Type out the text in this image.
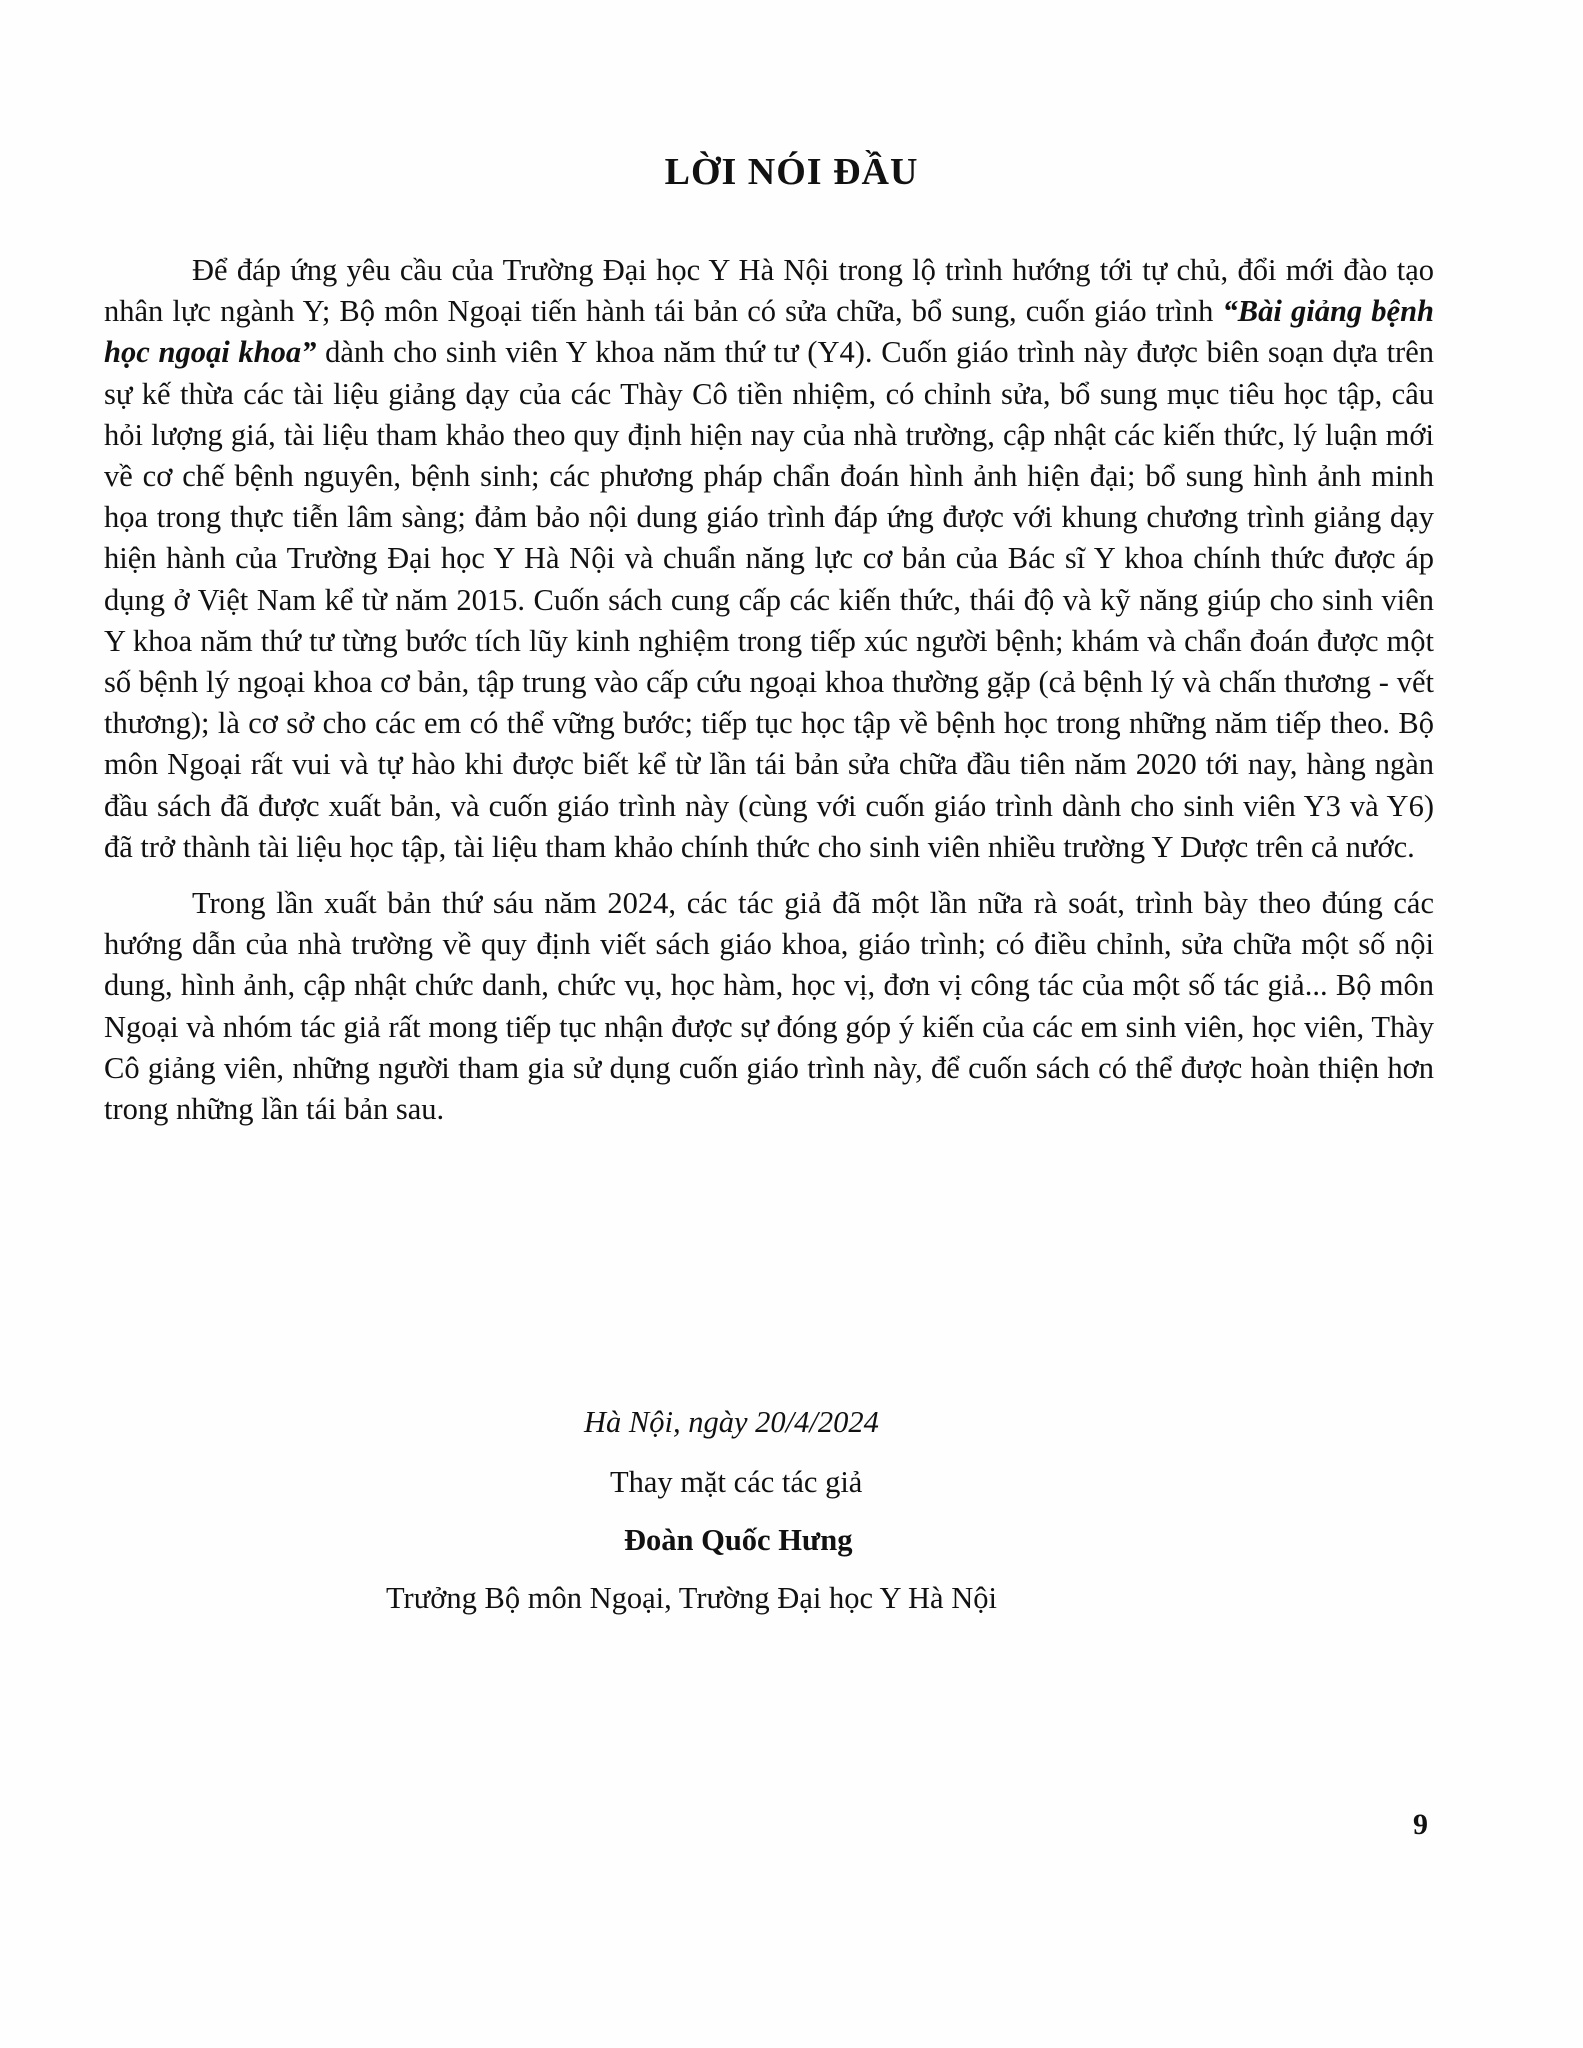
LỜI NÓI ĐẦU

Để đáp ứng yêu cầu của Trường Đại học Y Hà Nội trong lộ trình hướng tới tự chủ, đổi mới đào tạo nhân lực ngành Y; Bộ môn Ngoại tiến hành tái bản có sửa chữa, bổ sung, cuốn giáo trình “Bài giảng bệnh học ngoại khoa” dành cho sinh viên Y khoa năm thứ tư (Y4). Cuốn giáo trình này được biên soạn dựa trên sự kế thừa các tài liệu giảng dạy của các Thày Cô tiền nhiệm, có chỉnh sửa, bổ sung mục tiêu học tập, câu hỏi lượng giá, tài liệu tham khảo theo quy định hiện nay của nhà trường, cập nhật các kiến thức, lý luận mới về cơ chế bệnh nguyên, bệnh sinh; các phương pháp chẩn đoán hình ảnh hiện đại; bổ sung hình ảnh minh họa trong thực tiễn lâm sàng; đảm bảo nội dung giáo trình đáp ứng được với khung chương trình giảng dạy hiện hành của Trường Đại học Y Hà Nội và chuẩn năng lực cơ bản của Bác sĩ Y khoa chính thức được áp dụng ở Việt Nam kể từ năm 2015. Cuốn sách cung cấp các kiến thức, thái độ và kỹ năng giúp cho sinh viên Y khoa năm thứ tư từng bước tích lũy kinh nghiệm trong tiếp xúc người bệnh; khám và chẩn đoán được một số bệnh lý ngoại khoa cơ bản, tập trung vào cấp cứu ngoại khoa thường gặp (cả bệnh lý và chấn thương - vết thương); là cơ sở cho các em có thể vững bước; tiếp tục học tập về bệnh học trong những năm tiếp theo. Bộ môn Ngoại rất vui và tự hào khi được biết kể từ lần tái bản sửa chữa đầu tiên năm 2020 tới nay, hàng ngàn đầu sách đã được xuất bản, và cuốn giáo trình này (cùng với cuốn giáo trình dành cho sinh viên Y3 và Y6) đã trở thành tài liệu học tập, tài liệu tham khảo chính thức cho sinh viên nhiều trường Y Dược trên cả nước.

Trong lần xuất bản thứ sáu năm 2024, các tác giả đã một lần nữa rà soát, trình bày theo đúng các hướng dẫn của nhà trường về quy định viết sách giáo khoa, giáo trình; có điều chỉnh, sửa chữa một số nội dung, hình ảnh, cập nhật chức danh, chức vụ, học hàm, học vị, đơn vị công tác của một số tác giả... Bộ môn Ngoại và nhóm tác giả rất mong tiếp tục nhận được sự đóng góp ý kiến của các em sinh viên, học viên, Thày Cô giảng viên, những người tham gia sử dụng cuốn giáo trình này, để cuốn sách có thể được hoàn thiện hơn trong những lần tái bản sau.

Hà Nội, ngày 20/4/2024
Thay mặt các tác giả
Đoàn Quốc Hưng
Trưởng Bộ môn Ngoại, Trường Đại học Y Hà Nội
9
